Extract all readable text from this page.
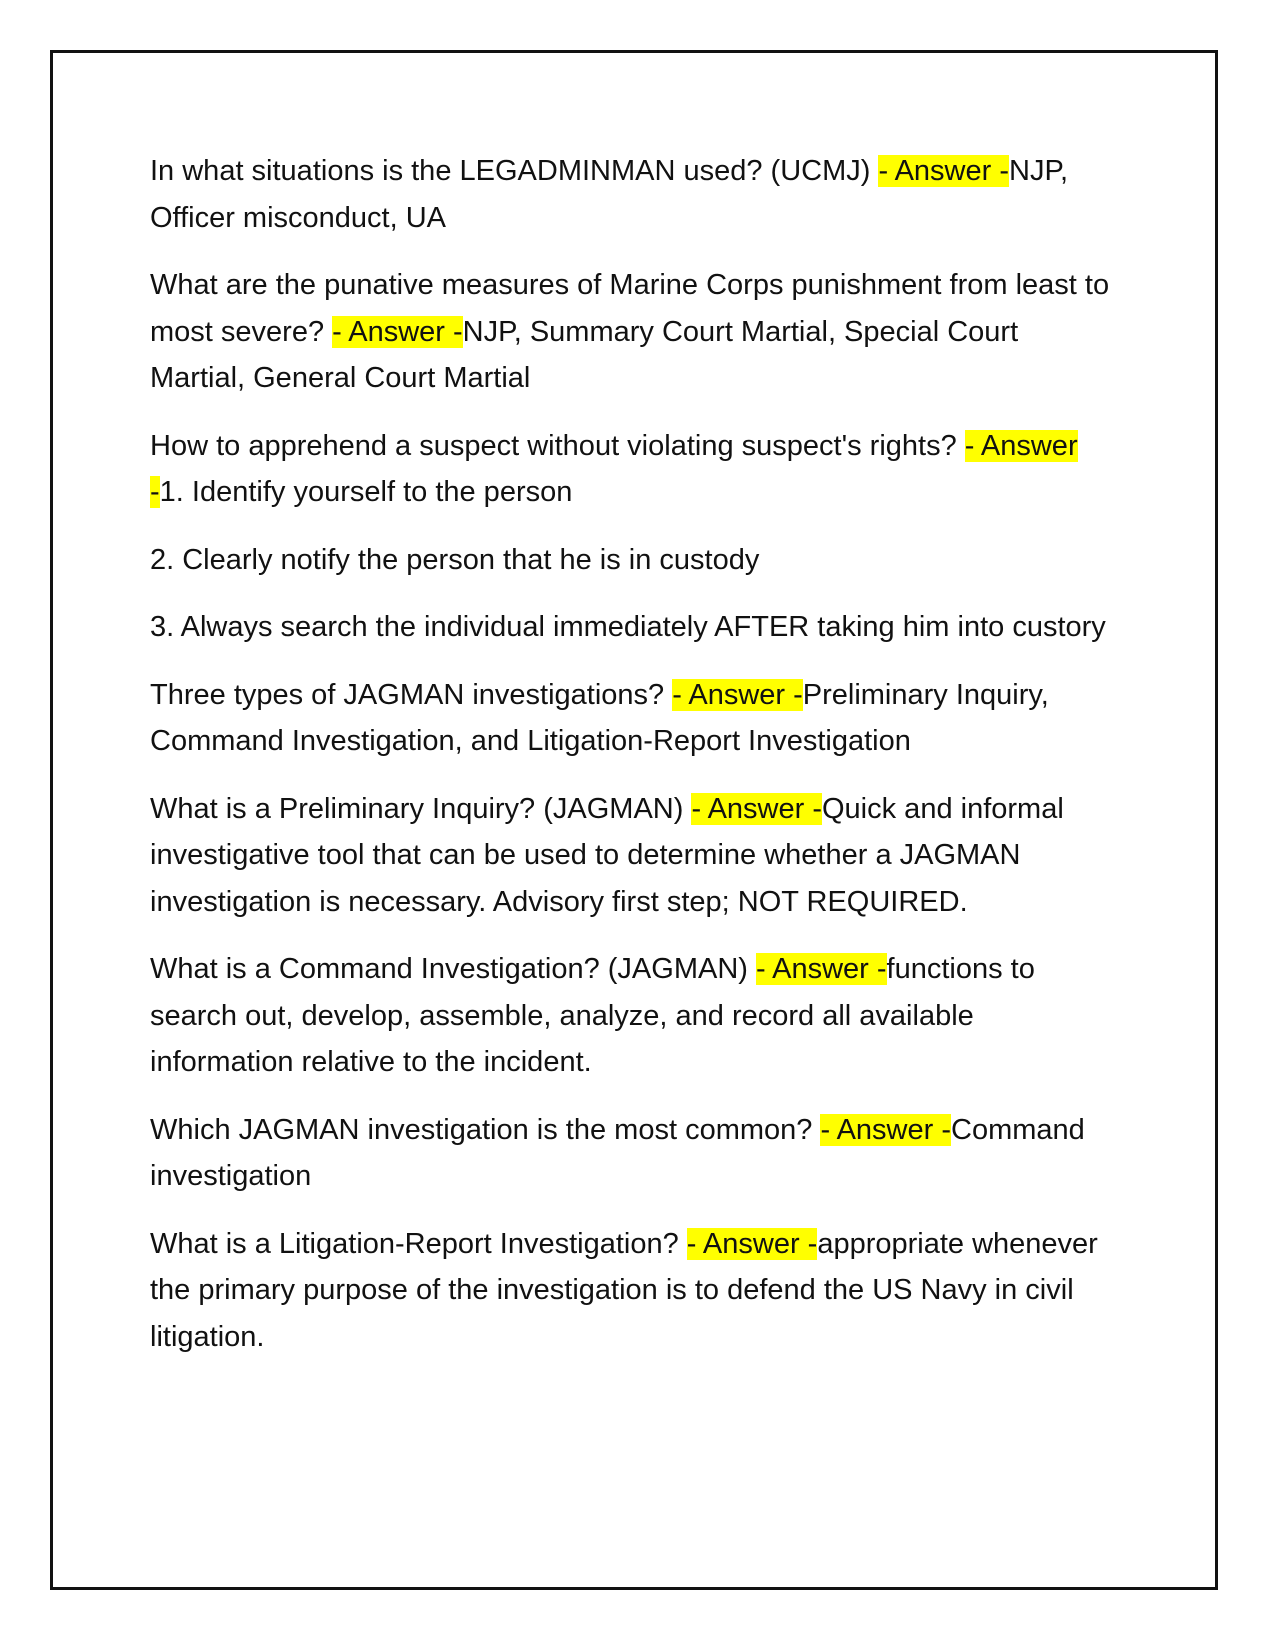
In what situations is the LEGADMINMAN used? (UCMJ) - Answer -NJP, Officer misconduct, UA

What are the punative measures of Marine Corps punishment from least to most severe? - Answer -NJP, Summary Court Martial, Special Court Martial, General Court Martial

How to apprehend a suspect without violating suspect's rights? - Answer -1. Identify yourself to the person

2. Clearly notify the person that he is in custody

3. Always search the individual immediately AFTER taking him into custory

Three types of JAGMAN investigations? - Answer -Preliminary Inquiry, Command Investigation, and Litigation-Report Investigation

What is a Preliminary Inquiry? (JAGMAN) - Answer -Quick and informal investigative tool that can be used to determine whether a JAGMAN investigation is necessary. Advisory first step; NOT REQUIRED.

What is a Command Investigation? (JAGMAN) - Answer -functions to search out, develop, assemble, analyze, and record all available information relative to the incident.

Which JAGMAN investigation is the most common? - Answer -Command investigation

What is a Litigation-Report Investigation? - Answer -appropriate whenever the primary purpose of the investigation is to defend the US Navy in civil litigation.
